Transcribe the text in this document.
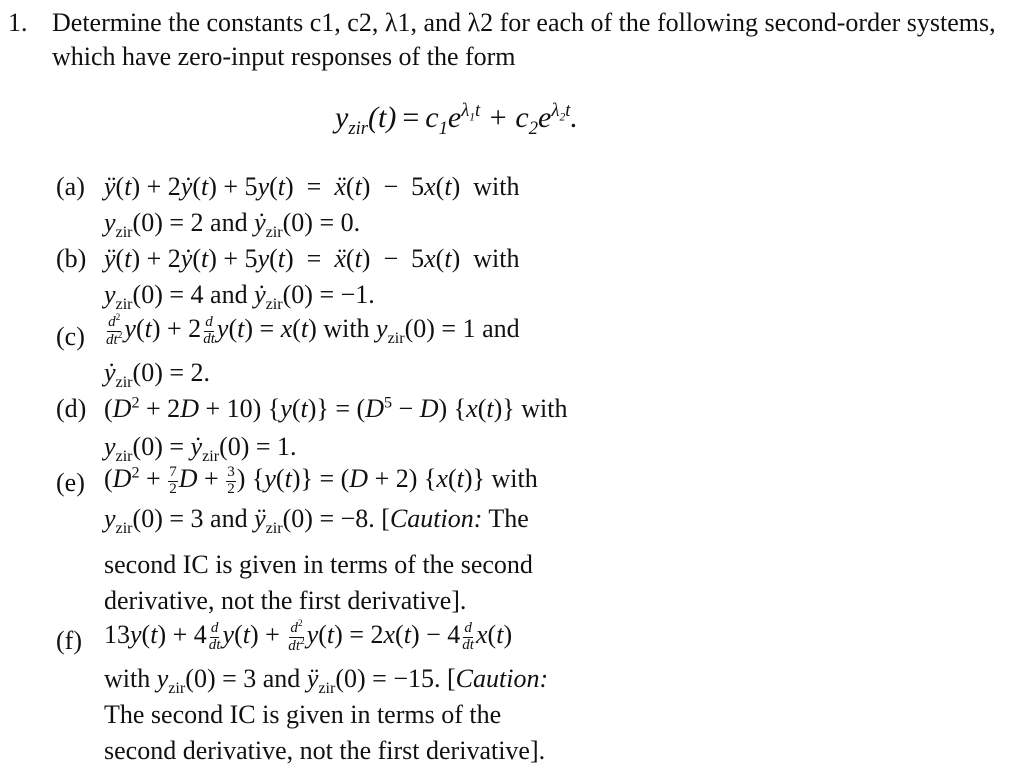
1. Determine the constants c1, c2, λ1, and λ2 for each of the following second-order systems,
which have zero-input responses of the form
$y_{zir}(t) = c_1e^{\lambda_1t} + c_2e^{\lambda_2t}$.
(a) ÿ(t) + 2ẏ(t) + 5y(t)  =  ẍ(t)  −  5x(t)  with
$y_{zir}(0) = 2$ and ẏ$_{zir}$(0) = 0.
(b) ÿ(t) + 2ẏ(t) + 5y(t)  =  ẍ(t)  −  5x(t)  with
$y_{zir}(0) = 4$ and ẏ$_{zir}$(0) = −1.
$(c) \frac{d^2}{dt^2} y(t) + 2 \frac{d}{dt} y(t) = x(t)$ with $y_{zir}(0) = 1$ and
ẏ$_{zir}$(0) = 2.
(d) $(D^2 + 2D + 10) \{y(t)\} = (D^5 - D)$ {x(t)} with
$y_{zir}(0)$ = ẏ$_{zir}$(0) = 1.
(e) ($D^2 + \frac{7}{2}$ $D + \frac{3}{2}$ ) {y(t)} = (D + 2) {x(t)} with
$y_{zir}(0) = 3$ and $ÿ_{zir}(0) = -8$. [Caution: The
second IC is given in terms of the second
derivative, not the first derivative].
(f) $13y(t) + 4 \frac{d}{dt} y(t) + \frac{d^2}{dt^2} y(t) = 2x(t) - 4 \frac{d}{dt} x(t)$
with $y_{zir}(0) = 3$ and $ÿ_{zir}(0) = -15$. [Caution:
The second IC is given in terms of the
second derivative, not the first derivative].
